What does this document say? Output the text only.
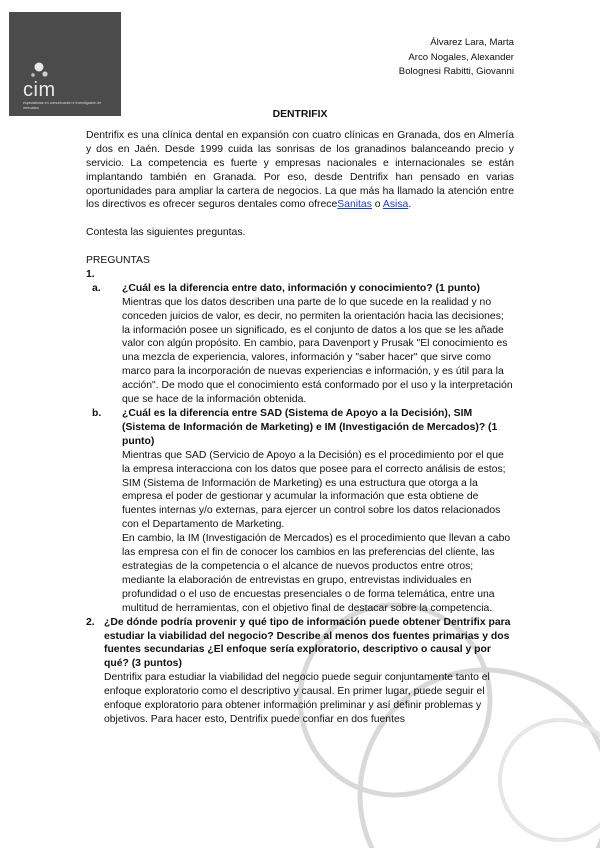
cim
especialistas en comunicación e investigación de mercados
Álvarez Lara, Marta
Arco Nogales, Alexander
Bolognesi Rabitti, Giovanni
DENTRIFIX

Dentrifix es una clínica dental en expansión con cuatro clínicas en Granada, dos en Almería y dos en Jaén. Desde 1999 cuida las sonrisas de los granadinos balanceando precio y servicio. La competencia es fuerte y empresas nacionales e internacionales se están implantando también en Granada. Por eso, desde Dentrifix han pensado en varias oportunidades para ampliar la cartera de negocios. La que más ha llamado la atención entre los directivos es ofrecer seguros dentales como ofreceSanitas o Asisa.

Contesta las siguientes preguntas.

PREGUNTAS

1.
a. ¿Cuál es la diferencia entre dato, información y conocimiento? (1 punto)

Mientras que los datos describen una parte de lo que sucede en la realidad y no conceden juicios de valor, es decir, no permiten la orientación hacia las decisiones; la información posee un significado, es el conjunto de datos a los que se les añade valor con algún propósito. En cambio, para Davenport y Prusak "El conocimiento es una mezcla de experiencia, valores, información y "saber hacer" que sirve como marco para la incorporación de nuevas experiencias e información, y es útil para la acción". De modo que el conocimiento está conformado por el uso y la interpretación que se hace de la información obtenida.

b. ¿Cuál es la diferencia entre SAD (Sistema de Apoyo a la Decisión), SIM (Sistema de Información de Marketing) e IM (Investigación de Mercados)? (1 punto)

Mientras que SAD (Servicio de Apoyo a la Decisión) es el procedimiento por el que la empresa interacciona con los datos que posee para el correcto análisis de estos; SIM (Sistema de Información de Marketing) es una estructura que otorga a la empresa el poder de gestionar y acumular la información que esta obtiene de fuentes internas y/o externas, para ejercer un control sobre los datos relacionados con el Departamento de Marketing.

En cambio, la IM (Investigación de Mercados) es el procedimiento que llevan a cabo las empresa con el fin de conocer los cambios en las preferencias del cliente, las estrategias de la competencia o el alcance de nuevos productos entre otros; mediante la elaboración de entrevistas en grupo, entrevistas individuales en profundidad o el uso de encuestas presenciales o de forma telemática, entre una multitud de herramientas, con el objetivo final de destacar sobre la competencia.

2. ¿De dónde podría provenir y qué tipo de información puede obtener Dentrifix para estudiar la viabilidad del negocio? Describe al menos dos fuentes primarias y dos fuentes secundarias ¿El enfoque sería exploratorio, descriptivo o causal y por qué? (3 puntos)

Dentrifix para estudiar la viabilidad del negocio puede seguir conjuntamente tanto el enfoque exploratorio como el descriptivo y causal. En primer lugar, puede seguir el enfoque exploratorio para obtener información preliminar y así definir problemas y objetivos. Para hacer esto, Dentrifix puede confiar en dos fuentes
